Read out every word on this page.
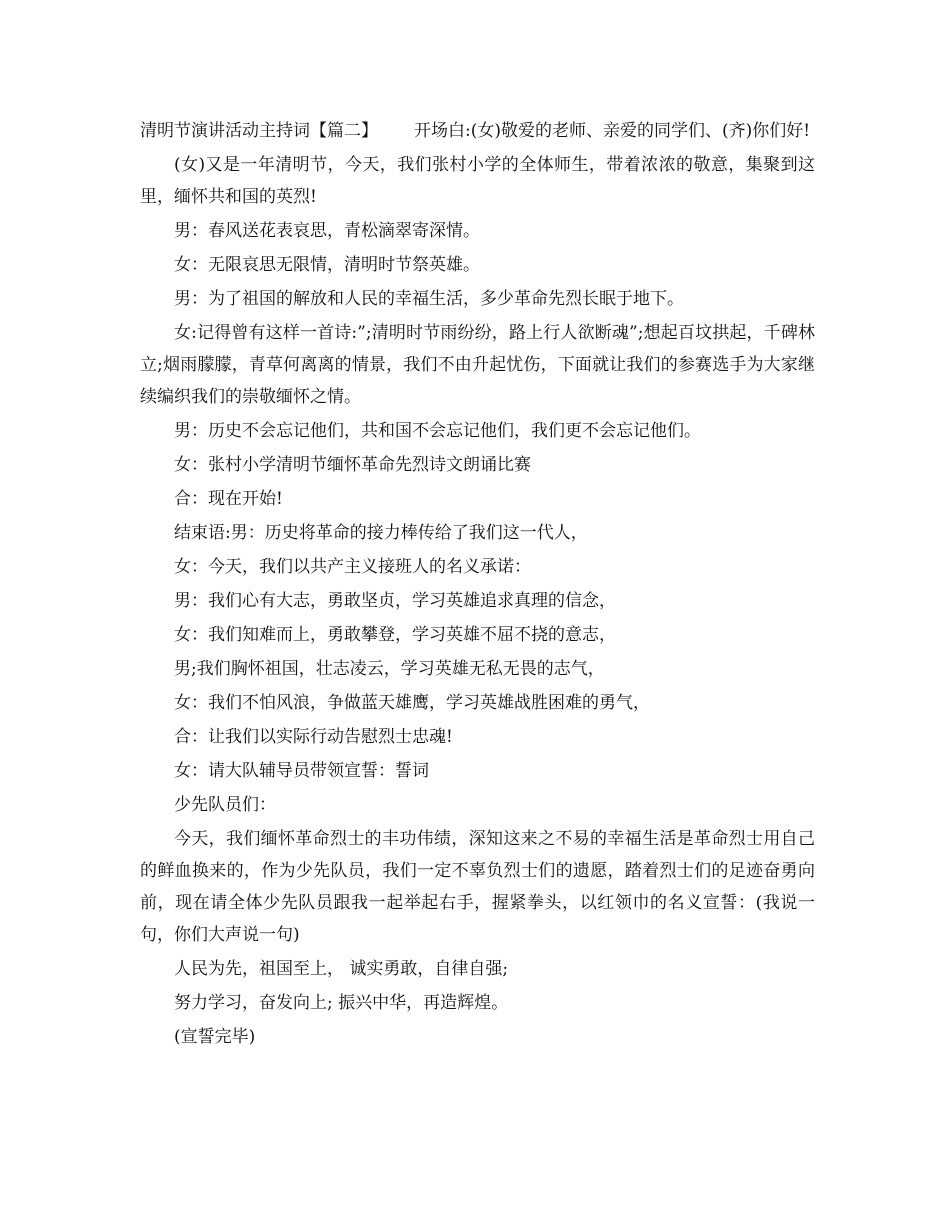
清明节演讲活动主持词【篇二】 开场白:(女)敬爱的老师、亲爱的同学们、(齐)你们好!

(女)又是一年清明节，今天，我们张村小学的全体师生，带着浓浓的敬意，集聚到这里，缅怀共和国的英烈!

男：春风送花表哀思，青松滴翠寄深情。

女：无限哀思无限情，清明时节祭英雄。

男：为了祖国的解放和人民的幸福生活，多少革命先烈长眠于地下。

女:记得曾有这样一首诗:”;清明时节雨纷纷，路上行人欲断魂”;想起百坟拱起，千碑林立;烟雨朦朦，青草何离离的情景，我们不由升起忧伤，下面就让我们的参赛选手为大家继续编织我们的崇敬缅怀之情。

男：历史不会忘记他们，共和国不会忘记他们，我们更不会忘记他们。

女：张村小学清明节缅怀革命先烈诗文朗诵比赛

合：现在开始!

结束语:男：历史将革命的接力棒传给了我们这一代人，

女：今天，我们以共产主义接班人的名义承诺：

男：我们心有大志，勇敢坚贞，学习英雄追求真理的信念，

女：我们知难而上，勇敢攀登，学习英雄不屈不挠的意志，

男;我们胸怀祖国，壮志凌云，学习英雄无私无畏的志气，

女：我们不怕风浪，争做蓝天雄鹰，学习英雄战胜困难的勇气，

合：让我们以实际行动告慰烈士忠魂!

女：请大队辅导员带领宣誓：誓词

少先队员们：

今天，我们缅怀革命烈士的丰功伟绩，深知这来之不易的幸福生活是革命烈士用自己的鲜血换来的，作为少先队员，我们一定不辜负烈士们的遗愿，踏着烈士们的足迹奋勇向前，现在请全体少先队员跟我一起举起右手，握紧拳头，以红领巾的名义宣誓：(我说一句，你们大声说一句)

人民为先，祖国至上， 诚实勇敢，自律自强;

努力学习，奋发向上; 振兴中华，再造辉煌。

(宣誓完毕)
